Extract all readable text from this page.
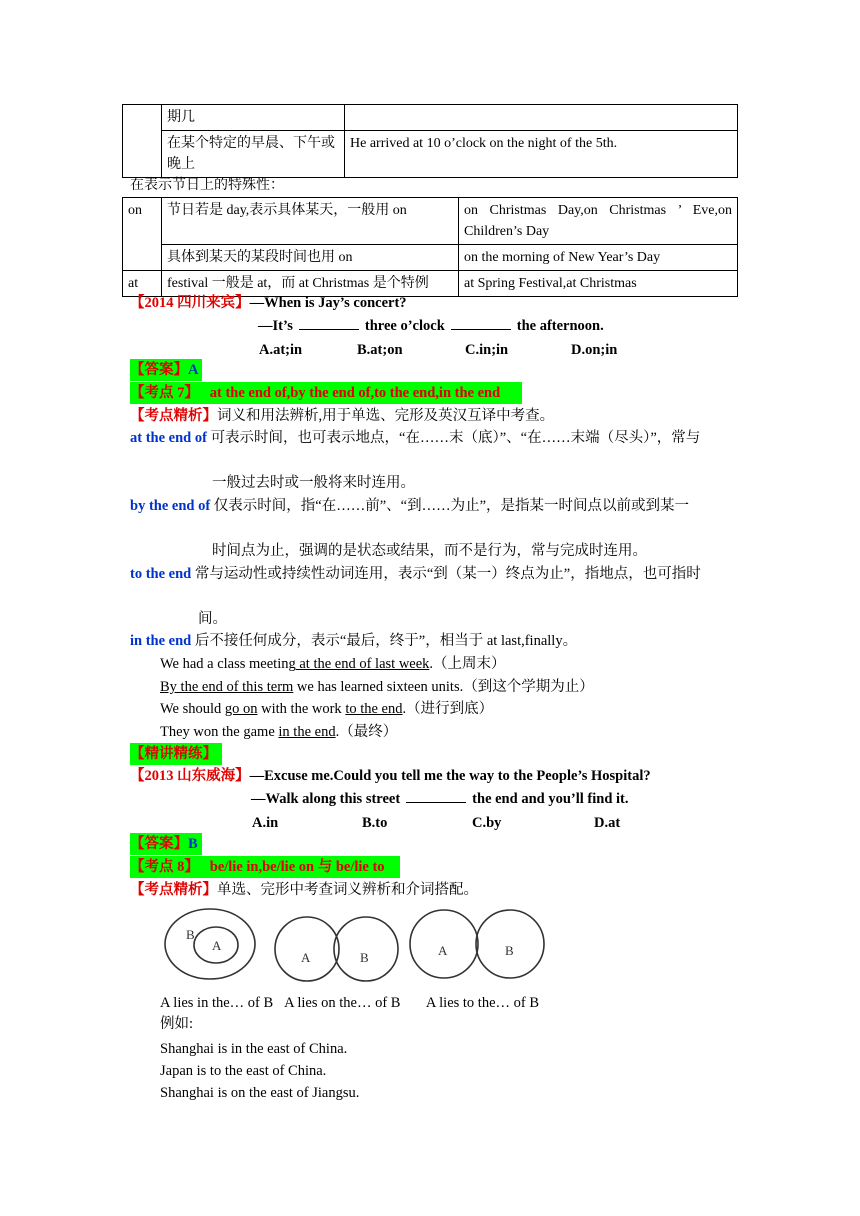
	期几	
	在某个特定的早晨、下午或晚上	He arrived at 10 o’clock on the night of the 5th.
在表示节日上的特殊性：
on	节日若是 day,表示具体某天，一般用 on	on Christmas Day,on Christmas ’ Eve,on Children’s Day
	具体到某天的某段时间也用 on	on the morning of New Year’s Day
at	festival 一般是 at，而 at Christmas 是个特例	at Spring Festival,at Christmas
【2014 四川来宾】—When is Jay’s concert?
—It’s	three o’clock	the afternoon.
A.at;in	B.at;on	C.in;in	D.on;in
【答案】A
【考点 7】 at the end of,by the end of,to the end,in the end
【考点精析】词义和用法辨析,用于单选、完形及英汉互译中考查。
at the end of 可表示时间，也可表示地点，“在……末（底）”、“在……末端（尽头）”，常与
一般过去时或一般将来时连用。
by the end of 仅表示时间，指“在……前”、“到……为止”，是指某一时间点以前或到某一
时间点为止，强调的是状态或结果，而不是行为，常与完成时连用。
to the end 常与运动性或持续性动词连用，表示“到（某一）终点为止”，指地点，也可指时
间。
in the end 后不接任何成分，表示“最后，终于”，相当于 at last,finally。
We had a class meeting at the end of last week.（上周末）
By the end of this term we has learned sixteen units.（到这个学期为止）
We should go on with the work to the end.（进行到底）
They won the game in the end.（最终）
【精讲精练】
【2013 山东威海】—Excuse me.Could you tell me the way to the People’s Hospital?
—Walk along this street	the end and you’ll find it.
A.in	B.to	C.by	D.at
【答案】B
【考点 8】 be/lie in,be/lie on 与 be/lie to
【考点精析】单选、完形中考查词义辨析和介词搭配。
B
A
A	B	A	B
A lies in the… of B A lies on the… of B A lies to the… of B
例如:
Shanghai is in the east of China.
Japan is to the east of China.
Shanghai is on the east of Jiangsu.
